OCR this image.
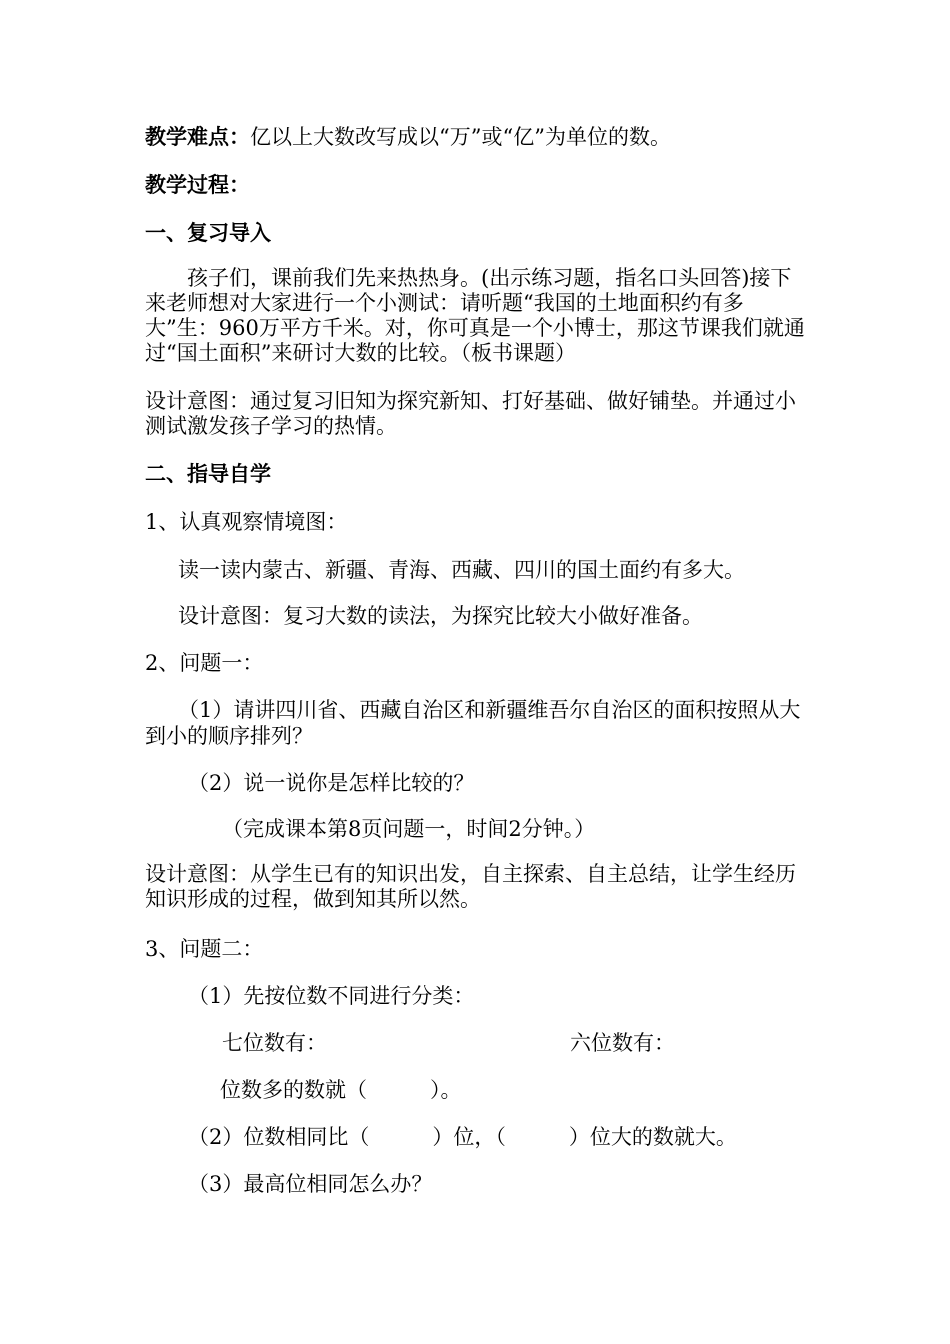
教学难点：亿以上大数改写成以“万”或“亿”为单位的数。

教学过程：

一、复习导入

孩子们，课前我们先来热热身。(出示练习题，指名口头回答)接下来老师想对大家进行一个小测试：请听题“我国的土地面积约有多大”生：960万平方千米。对，你可真是一个小博士，那这节课我们就通过“国土面积”来研讨大数的比较。（板书课题）

设计意图：通过复习旧知为探究新知、打好基础、做好铺垫。并通过小测试激发孩子学习的热情。

二、指导自学

1、认真观察情境图：

读一读内蒙古、新疆、青海、西藏、四川的国土面约有多大。

设计意图：复习大数的读法，为探究比较大小做好准备。

2、问题一：

（1）请讲四川省、西藏自治区和新疆维吾尔自治区的面积按照从大到小的顺序排列？

（2）说一说你是怎样比较的？

（完成课本第8页问题一，时间2分钟。）

设计意图：从学生已有的知识出发，自主探索、自主总结，让学生经历知识形成的过程，做到知其所以然。

3、问题二：

（1）先按位数不同进行分类：

七位数有：	六位数有：

位数多的数就（　　　）。

（2）位数相同比（　　　）位，（　　　）位大的数就大。

（3）最高位相同怎么办？
